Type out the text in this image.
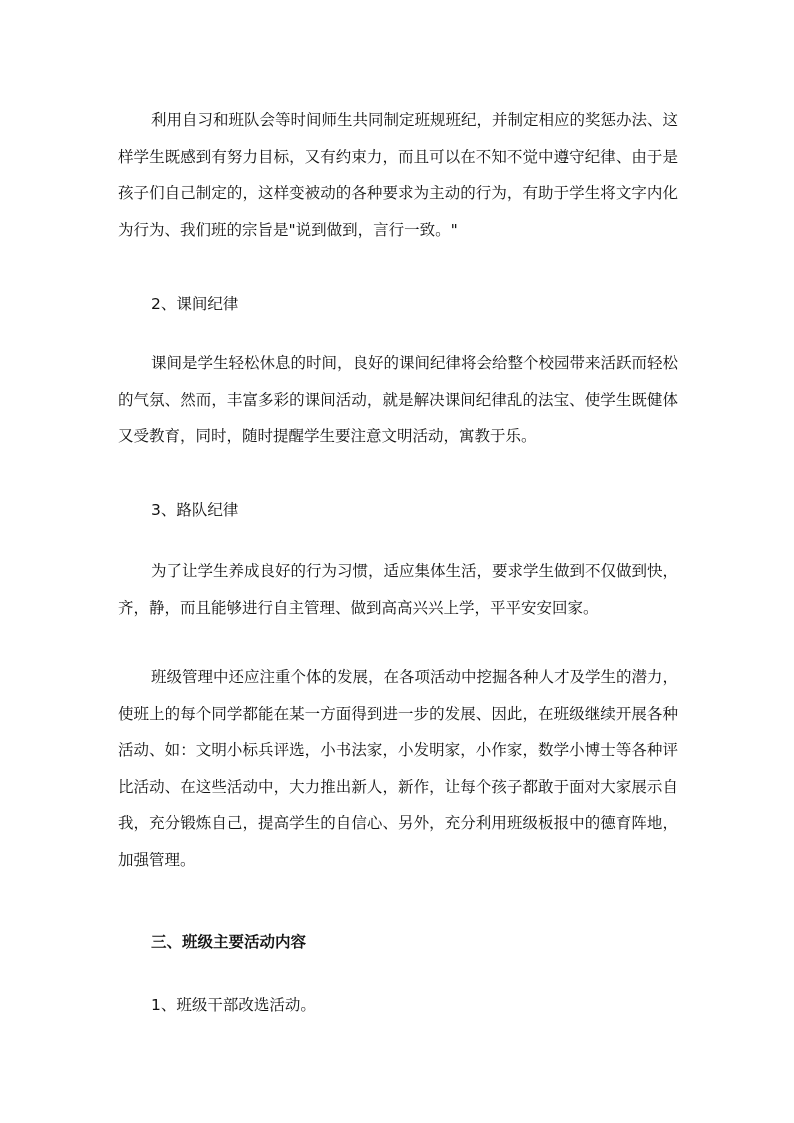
利用自习和班队会等时间师生共同制定班规班纪，并制定相应的奖惩办法、这样学生既感到有努力目标，又有约束力，而且可以在不知不觉中遵守纪律、由于是孩子们自己制定的，这样变被动的各种要求为主动的行为，有助于学生将文字内化为行为、我们班的宗旨是"说到做到，言行一致。"

2、课间纪律

课间是学生轻松休息的时间，良好的课间纪律将会给整个校园带来活跃而轻松的气氛、然而，丰富多彩的课间活动，就是解决课间纪律乱的法宝、使学生既健体又受教育，同时，随时提醒学生要注意文明活动，寓教于乐。

3、路队纪律

为了让学生养成良好的行为习惯，适应集体生活，要求学生做到不仅做到快，齐，静，而且能够进行自主管理、做到高高兴兴上学，平平安安回家。

班级管理中还应注重个体的发展，在各项活动中挖掘各种人才及学生的潜力，使班上的每个同学都能在某一方面得到进一步的发展、因此，在班级继续开展各种活动、如：文明小标兵评选，小书法家，小发明家，小作家，数学小博士等各种评比活动、在这些活动中，大力推出新人，新作，让每个孩子都敢于面对大家展示自我，充分锻炼自己，提高学生的自信心、另外，充分利用班级板报中的德育阵地，加强管理。

三、班级主要活动内容

1、班级干部改选活动。
